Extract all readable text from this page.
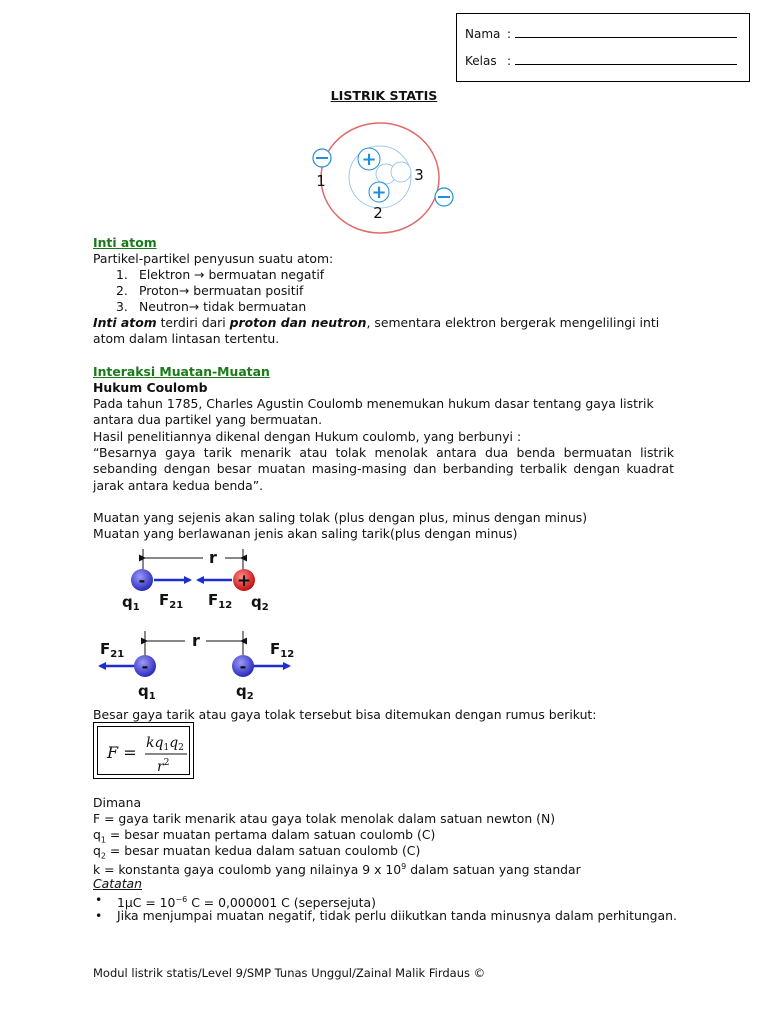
Nama :
Kelas :
LISTRIK STATIS
+
+
1
2
3
Inti atom
Partikel-partikel penyusun suatu atom:
1. Elektron → bermuatan negatif
2. Proton→ bermuatan positif
3. Neutron→ tidak bermuatan
Inti atom terdiri dari proton dan neutron, sementara elektron bergerak mengelilingi inti atom dalam lintasan tertentu.
Interaksi Muatan-Muatan
Hukum Coulomb
Pada tahun 1785, Charles Agustin Coulomb menemukan hukum dasar tentang gaya listrik antara dua partikel yang bermuatan.
Hasil penelitiannya dikenal dengan Hukum coulomb, yang berbunyi :
“Besarnya gaya tarik menarik atau tolak menolak antara dua benda bermuatan listrik sebanding dengan besar muatan masing-masing dan berbanding terbalik dengan kuadrat jarak antara kedua benda”.
Muatan yang sejenis akan saling tolak (plus dengan plus, minus dengan minus)
Muatan yang berlawanan jenis akan saling tarik(plus dengan minus)
r
-	+
$q_1$ $F_{21}$ $F_{12}$ $q_2$
r
-	-
$F_{21}$	$F_{12}$
$q_1$	$q_2$
Besar gaya tarik atau gaya tolak tersebut bisa ditemukan dengan rumus berikut:
$F = kq_1q_2$
$r^2$
Dimana
F = gaya tarik menarik atau gaya tolak menolak dalam satuan newton (N)
$q_1$ = besar muatan pertama dalam satuan coulomb (C)
$q_2$ = besar muatan kedua dalam satuan coulomb (C)
k = konstanta gaya coulomb yang nilainya 9 x $10^9$ dalam satuan yang standar
Catatan
• $1\mu C = 10^{-6}$ C = 0,000001 C (sepersejuta)
• Jika menjumpai muatan negatif, tidak perlu diikutkan tanda minusnya dalam perhitungan.
Modul listrik statis/Level 9/SMP Tunas Unggul/Zainal Malik Firdaus ©
